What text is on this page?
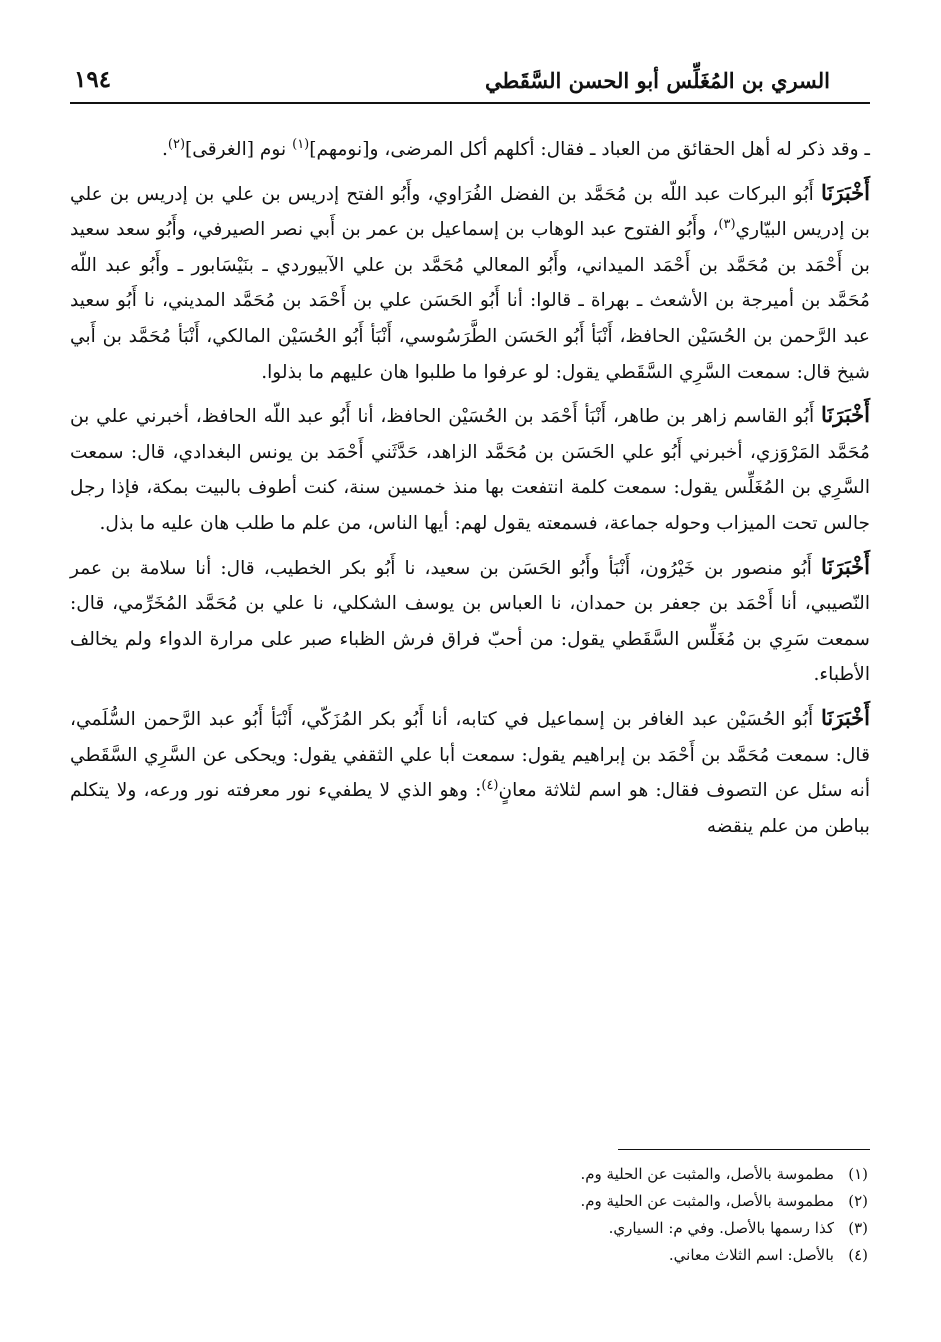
السري بن المُغَلِّس أبو الحسن السَّقَطي
١٩٤

ـ وقد ذكر له أهل الحقائق من العباد ـ فقال: أكلهم أكل المرضى، و[نومهم]$^{(١)}$ نوم [الغرقى]$^{(٢)}$.

أَخْبَرَنَا أَبُو البركات عبد اللّه بن مُحَمَّد بن الفضل الفُرَاوي، وأَبُو الفتح إدريس بن علي بن إدريس بن علي بن إدريس البيّاري$^{(٣)}$، وأَبُو الفتوح عبد الوهاب بن إسماعيل بن عمر بن أَبي نصر الصيرفي، وأَبُو سعد سعيد بن أَحْمَد بن مُحَمَّد بن أَحْمَد الميداني، وأَبُو المعالي مُحَمَّد بن علي الآبيوردي ـ بنَيْسَابور ـ وأَبُو عبد اللّه مُحَمَّد بن أميرجة بن الأشعث ـ بهراة ـ قالوا: أنا أَبُو الحَسَن علي بن أَحْمَد بن مُحَمَّد المديني، نا أَبُو سعيد عبد الرَّحمن بن الحُسَيْن الحافظ، أَنْبَأ أَبُو الحَسَن الطَّرَسُوسي، أَنْبَأ أَبُو الحُسَيْن المالكي، أَنْبَأ مُحَمَّد بن أَبي شيخ قال: سمعت السَّرِي السَّقَطي يقول: لو عرفوا ما طلبوا هان عليهم ما بذلوا.

أَخْبَرَنَا أَبُو القاسم زاهر بن طاهر، أَنْبَأ أَحْمَد بن الحُسَيْن الحافظ، أنا أَبُو عبد اللّه الحافظ، أخبرني علي بن مُحَمَّد المَرْوَزي، أخبرني أَبُو علي الحَسَن بن مُحَمَّد الزاهد، حَدَّثَني أَحْمَد بن يونس البغدادي، قال: سمعت السَّرِي بن المُغَلِّس يقول: سمعت كلمة انتفعت بها منذ خمسين سنة، كنت أطوف بالبيت بمكة، فإذا رجل جالس تحت الميزاب وحوله جماعة، فسمعته يقول لهم: أيها الناس، من علم ما طلب هان عليه ما بذل.

أَخْبَرَنَا أَبُو منصور بن خَيْرُون، أَنْبَأ وأَبُو الحَسَن بن سعيد، نا أَبُو بكر الخطيب، قال: أنا سلامة بن عمر النّصيبي، أنا أَحْمَد بن جعفر بن حمدان، نا العباس بن يوسف الشكلي، نا علي بن مُحَمَّد المُخَرِّمي، قال: سمعت سَرِي بن مُغَلِّس السَّقَطي يقول: من أحبّ فراق فرش الظباء صبر على مرارة الدواء ولم يخالف الأطباء.

أَخْبَرَنَا أَبُو الحُسَيْن عبد الغافر بن إسماعيل في كتابه، أنا أَبُو بكر المُزَكّي، أَنْبَأ أَبُو عبد الرَّحمن السُّلَمي، قال: سمعت مُحَمَّد بن أَحْمَد بن إبراهيم يقول: سمعت أبا علي الثقفي يقول: ويحكى عن السَّرِي السَّقَطي أنه سئل عن التصوف فقال: هو اسم لثلاثة معانٍ$^{(٤)}$: وهو الذي لا يطفيء نور معرفته نور ورعه، ولا يتكلم بباطن من علم ينقضه

(١)مطموسة بالأصل، والمثبت عن الحلية وم.
(٢)مطموسة بالأصل، والمثبت عن الحلية وم.
(٣)كذا رسمها بالأصل. وفي م: السياري.
(٤)بالأصل: اسم الثلاث معاني.
